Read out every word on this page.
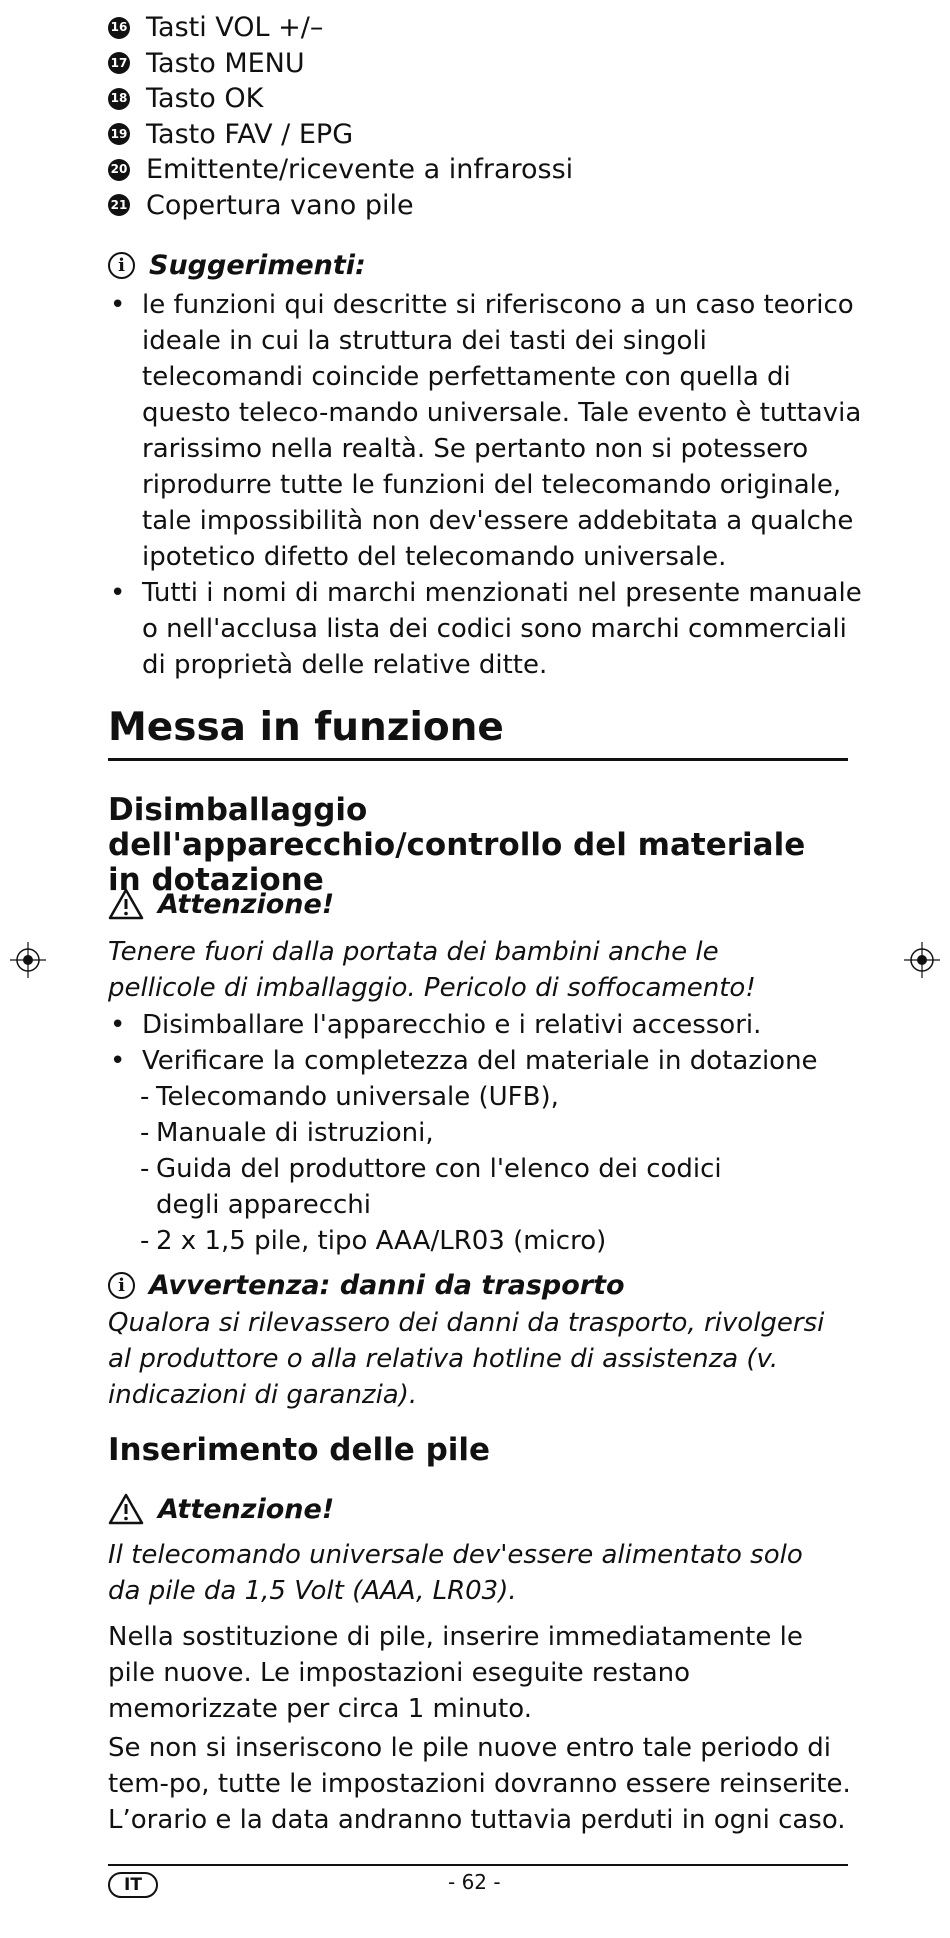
16 Tasti VOL +/–
17 Tasto MENU
18 Tasto OK
19 Tasto FAV / EPG
20 Emittente/ricevente a infrarossi
21 Copertura vano pile
i Suggerimenti:
• le funzioni qui descritte si riferiscono a un caso teorico ideale in cui la struttura dei tasti dei singoli telecomandi coincide perfettamente con quella di questo teleco-mando universale. Tale evento è tuttavia rarissimo nella realtà. Se pertanto non si potessero riprodurre tutte le funzioni del telecomando originale, tale impossibilità non dev'essere addebitata a qualche ipotetico difetto del telecomando universale.
• Tutti i nomi di marchi menzionati nel presente manuale o nell'acclusa lista dei codici sono marchi commerciali di proprietà delle relative ditte.
Messa in funzione
Disimballaggio dell'apparecchio/controllo del materiale in dotazione
Attenzione!
Tenere fuori dalla portata dei bambini anche le pellicole di imballaggio. Pericolo di soffocamento!
• Disimballare l'apparecchio e i relativi accessori.
• Verificare la completezza del materiale in dotazione
- Telecomando universale (UFB),
- Manuale di istruzioni,
- Guida del produttore con l'elenco dei codici degli apparecchi
- 2 x 1,5 pile, tipo AAA/LR03 (micro)
i Avvertenza: danni da trasporto
Qualora si rilevassero dei danni da trasporto, rivolgersi al produttore o alla relativa hotline di assistenza (v. indicazioni di garanzia).
Inserimento delle pile
Attenzione!
Il telecomando universale dev'essere alimentato solo da pile da 1,5 Volt (AAA, LR03).
Nella sostituzione di pile, inserire immediatamente le pile nuove. Le impostazioni eseguite restano memorizzate per circa 1 minuto.
Se non si inseriscono le pile nuove entro tale periodo di tem-po, tutte le impostazioni dovranno essere reinserite. L’orario e la data andranno tuttavia perduti in ogni caso.
IT	- 62 -
